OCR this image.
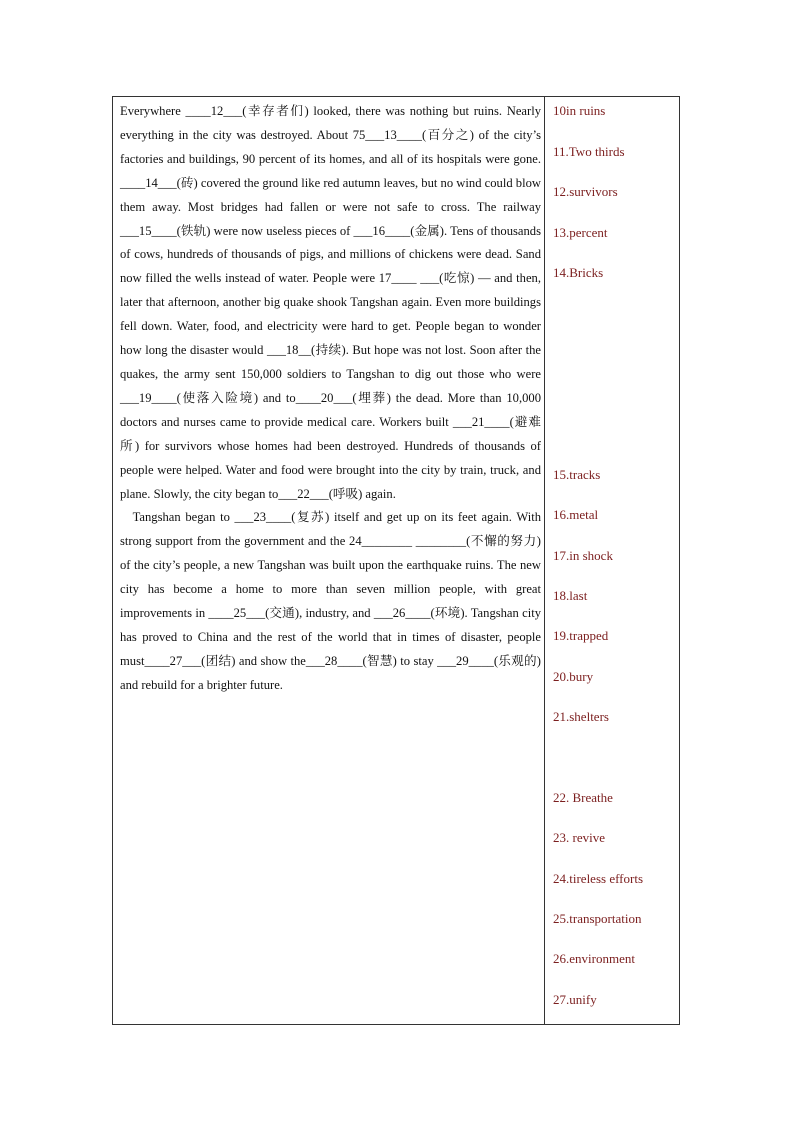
Everywhere ____12___(幸存者们) looked, there was nothing but ruins. Nearly everything in the city was destroyed. About 75___13____(百分之) of the city’s factories and buildings, 90 percent of its homes, and all of its hospitals were gone. ____14___(砖) covered the ground like red autumn leaves, but no wind could blow them away. Most bridges had fallen or were not safe to cross. The railway ___15____(铁轨) were now useless pieces of ___16____(金属). Tens of thousands of cows, hundreds of thousands of pigs, and millions of chickens were dead. Sand now filled the wells instead of water. People were 17____ ___(吃惊) — and then, later that afternoon, another big quake shook Tangshan again. Even more buildings fell down. Water, food, and electricity were hard to get. People began to wonder how long the disaster would ___18__(持续). But hope was not lost. Soon after the quakes, the army sent 150,000 soldiers to Tangshan to dig out those who were ___19____(使落入险境) and to____20___(埋葬) the dead. More than 10,000 doctors and nurses came to provide medical care. Workers built ___21____(避难所) for survivors whose homes had been destroyed. Hundreds of thousands of people were helped. Water and food were brought into the city by train, truck, and plane. Slowly, the city began to___22___(呼吸) again.

Tangshan began to ___23____(复苏) itself and get up on its feet again. With strong support from the government and the 24________ ________(不懈的努力) of the city’s people, a new Tangshan was built upon the earthquake ruins. The new city has become a home to more than seven million people, with great improvements in ____25___(交通), industry, and ___26____(环境). Tangshan city has proved to China and the rest of the world that in times of disaster, people must____27___(团结) and show the___28____(智慧) to stay ___29____(乐观的) and rebuild for a brighter future.

10in ruins

11.Two thirds

12.survivors

13.percent

14.Bricks

15.tracks

16.metal

17.in shock

18.last

19.trapped

20.bury

21.shelters

22. Breathe

23. revive

24.tireless efforts

25.transportation

26.environment

27.unify
